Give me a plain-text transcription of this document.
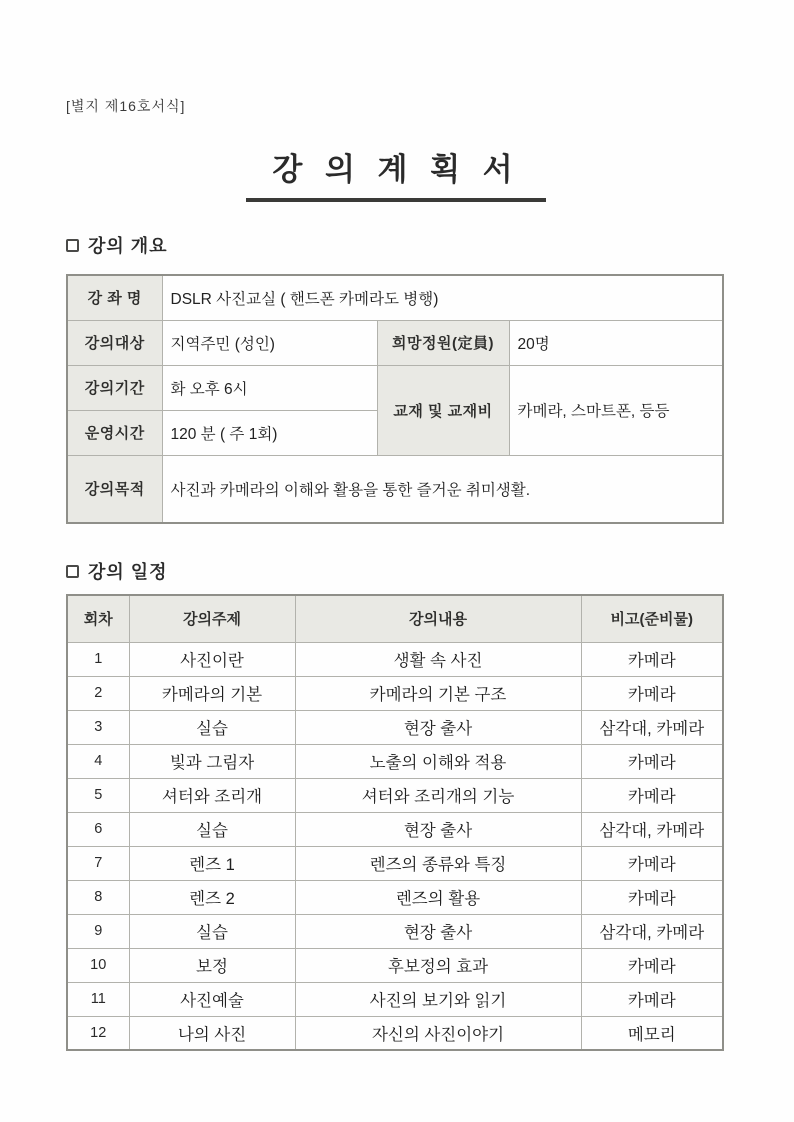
[별지 제16호서식]
강 의 계 획 서
강의 개요
강 좌 명	DSLR 사진교실 ( 핸드폰 카메라도 병행)		
강의대상	지역주민 (성인)	희망정원(定員)	20명
강의기간	화 오후 6시	교재 및 교재비	카메라, 스마트폰, 등등
운영시간	120 분 ( 주 1회)		
강의목적	사진과 카메라의 이해와 활용을 통한 즐거운 취미생활.		
강의 일정
회차	강의주제	강의내용	비고(준비물)
1	사진이란	생활 속 사진	카메라
2	카메라의 기본	카메라의 기본 구조	카메라
3	실습	현장 출사	삼각대, 카메라
4	빛과 그림자	노출의 이해와 적용	카메라
5	셔터와 조리개	셔터와 조리개의 기능	카메라
6	실습	현장 출사	삼각대, 카메라
7	렌즈 1	렌즈의 종류와 특징	카메라
8	렌즈 2	렌즈의 활용	카메라
9	실습	현장 출사	삼각대, 카메라
10	보정	후보정의 효과	카메라
11	사진예술	사진의 보기와 읽기	카메라
12	나의 사진	자신의 사진이야기	메모리
